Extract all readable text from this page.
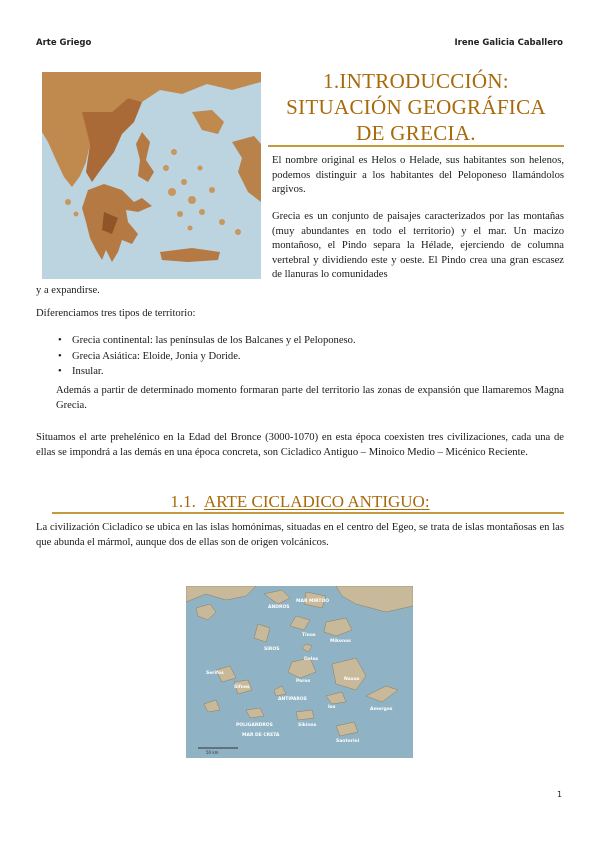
Arte Griego	Irene Galicia Caballero
1.INTRODUCCIÓN:
SITUACIÓN GEOGRÁFICA
DE GRECIA.
El nombre original es Helos o Helade, sus habitantes son helenos, podemos distinguir a los habitantes del Peloponeso llamándolos argivos.
Grecia es un conjunto de paisajes caracterizados por las montañas (muy abundantes en todo el territorio) y el mar. Un macizo montañoso, el Pindo separa la Hélade, ejerciendo de columna vertebral y dividiendo este y oeste. El Pindo crea una gran escasez de llanuras lo comunidades
y a expandirse.
Diferenciamos tres tipos de territorio:
• Grecia continental: las penínsulas de los Balcanes y el Peloponeso.
• Grecia Asiática: Eloide, Jonia y Doride.
• Insular.
Además a partir de determinado momento formaran parte del territorio las zonas de expansión que llamaremos Magna Grecia.
Situamos el arte prehelénico en la Edad del Bronce (3000-1070) en esta época coexisten tres civilizaciones, cada una de ellas se impondrá a las demás en una época concreta, son Cicladico Antiguo – Minoico Medio – Micénico Reciente.
1.1. ARTE CICLADICO ANTIGUO:
La civilización Cicladico se ubica en las islas homónimas, situadas en el centro del Egeo, se trata de islas montañosas en las que abunda el mármol, aunque dos de ellas son de origen volcánicos.
MAR MIRTOO
ANDROS
Tinos
Mikonos
SIROS
Delos
Paros	Naxos
Serifos
Sifnos
ANTIPAROS
Ios	Amorgos
Sikinos
POLIGANDROS
MAR DE CRETA
Santorini
50 km
1
